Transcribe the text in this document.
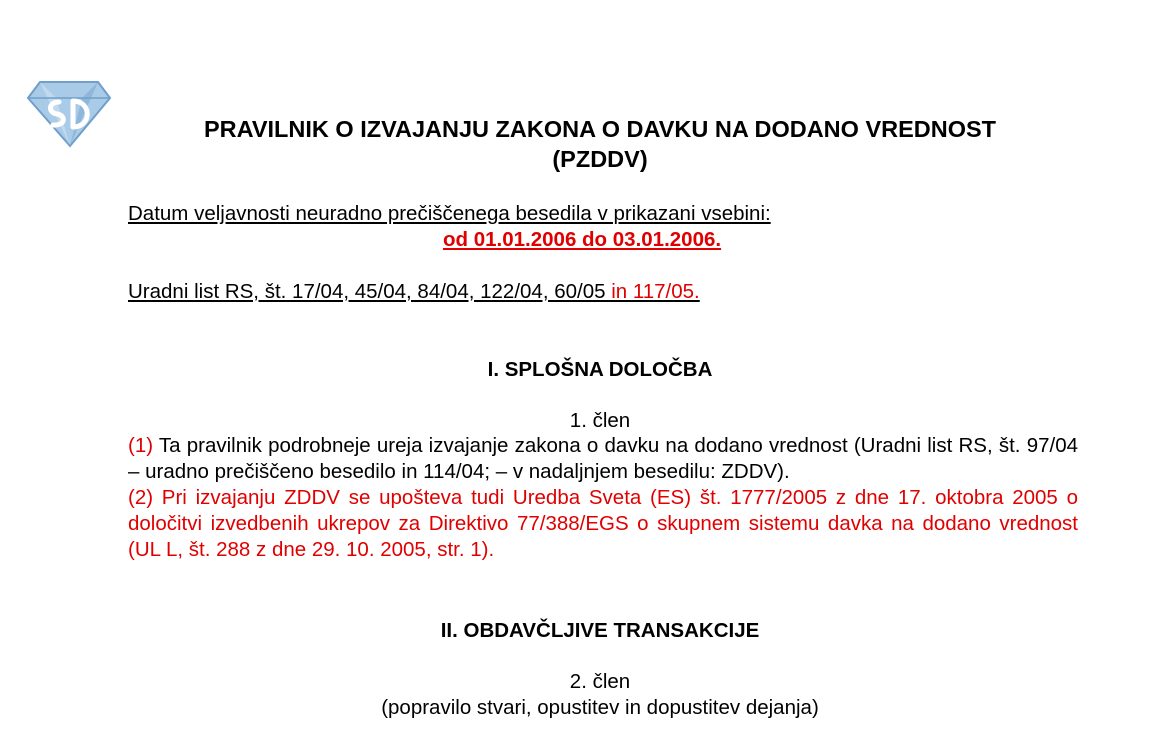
PRAVILNIK O IZVAJANJU ZAKONA O DAVKU NA DODANO VREDNOST
(PZDDV)
Datum veljavnosti neuradno prečiščenega besedila v prikazani vsebini:
od 01.01.2006 do 03.01.2006.
Uradni list RS, št. 17/04, 45/04, 84/04, 122/04, 60/05 in 117/05.
I. SPLOŠNA DOLOČBA
1. člen
(1) Ta pravilnik podrobneje ureja izvajanje zakona o davku na dodano vrednost (Uradni list RS, št. 97/04 – uradno prečiščeno besedilo in 114/04; – v nadaljnjem besedilu: ZDDV).
(2) Pri izvajanju ZDDV se upošteva tudi Uredba Sveta (ES) št. 1777/2005 z dne 17. oktobra 2005 o določitvi izvedbenih ukrepov za Direktivo 77/388/EGS o skupnem sistemu davka na dodano vrednost (UL L, št. 288 z dne 29. 10. 2005, str. 1).
II. OBDAVČLJIVE TRANSAKCIJE
2. člen
(popravilo stvari, opustitev in dopustitev dejanja)
